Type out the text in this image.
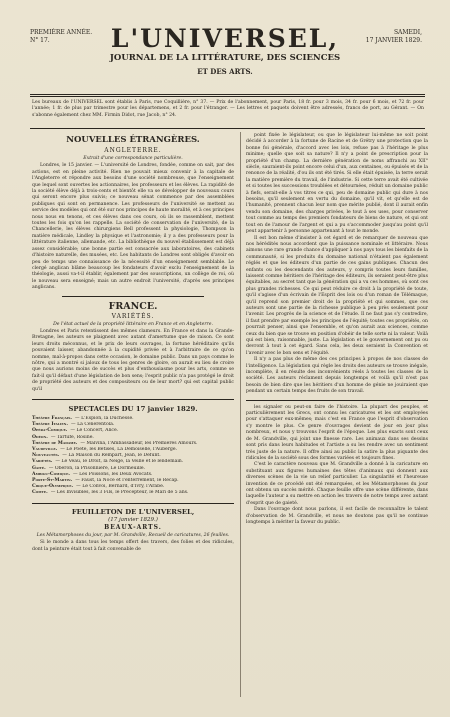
PREMIÈRE ANNÉE.
N° 17.	L'UNIVERSEL,	SAMEDI,
17 JANVIER 1829.
JOURNAL DE LA LITTÉRATURE, DES SCIENCES
ET DES ARTS.
Les bureaux de l'UNIVERSEL sont établis à Paris, rue Coquillière, n° 37. — Prix de l'abonnement, pour Paris, 18 fr. pour 3 mois, 34 fr. pour 6 mois, et 72 fr. pour l'année; 1 fr. de plus par trimestre pour les départemens, et 2 fr. pour l'étranger. — Les lettres et paquets doivent être adressés, francs de port, au Gérant. — On s'abonne également chez MM. Firmin Didot, rue Jacob, n° 24.
NOUVELLES ÉTRANGÈRES.
ANGLETERRE.
Extrait d'une correspondance particulière.

Londres, le 15 janvier. — L'université de Londres, fondée, comme on sait, par des actions, est en pleine activité. Rien ne pouvait mieux convenir à la capitale de l'Angleterre et répondre aux besoins d'une société nombreuse, que l'enseignement que lequel sont ouvertes les actionnaires, les professeurs et les élèves. La rapidité de la société élève déjà à trois-cents et bientôt elle va se développer de nouveaux cours qui seront encore plus suivis; ce nouveau sénat commence par des assemblées publiques qui sont en permanence. Les professeurs de l'université se mettent au service des modèles qui ont été sur nos principes de haute moralité, et à ces principes nous nous en tenons, et ces élèves dans ces cours, où ils se rassemblent, mettent toutes les fois qu'on les rappelle. La société de conservation de l'université, de la Chancellerie, les élèves chirurgiens Bell professent la physiologie, Thompson la matière médicale, Lindley la physique et l'astronomie; il y a des professeurs pour la littérature italienne, allemande, etc. La bibliothèque du nouvel établissement est déjà assez considérable; une bonne partie est consacrée aux laboratoires, des cabinets d'histoire naturelle, des musées, etc. Les habitants de Londres sont obligés d'avoir en peu de temps une connaissance de la nécessité d'un enseignement semblable. Le clergé anglican blâme beaucoup les fondateurs d'avoir exclu l'enseignement de la théologie, aussi va-t-il établir, également par des souscriptions, un collège de roi, où le nouveau sera enseigné; mais un autre endroit l'université, d'après ses principes anglicans.

FRANCE.
VARIÉTÉS.
De l'état actuel de la propriété littéraire en France et en Angleterre.

Londres et Paris retentissent des mêmes clameurs. En France et dans la Grande-Bretagne, les auteurs se plaignent avec autant d'amertume que de raison. Ce sont leurs droits méconnus, et le prix de leurs ouvrages, la fortune héréditaire qu'ils pouvaient laisser, abandonnée à la cupidité privée et à l'arbitraire de ce qu'on nomme, mal-à-propos dans cette occasion, le domaine public. Dans un pays comme le nôtre, qui a montré si jaloux de tous les genres de gloire, on aurait eu lieu de croire que nous aurions moins de succès et plus d'enthousiasme pour les arts, comme se fait-il qu'il défaut d'une législation de bon sens; l'esprit public n'a pas protégé le droit de propriété des auteurs et des compositeurs ou de leur mort? qui est capital public qu'il

SPECTACLES DU 17 janvier 1829.
Théâtre Français. — L'Espion, la Duchesse.
Théâtre Italien. — La Cenerentola.
Opéra-Comique. — Le Concert, Alice.
Odéon. — Tartufe, Rosine.
Théâtre de Madame. — Malvina, l'Ambassadeur, les Premières Amours.
Vaudeville. — Le Poète, les Bêtises, La Demoiselle, l'Auberge.
Nouveautés. — La Maison du Rempart, Jean, le Défunt.
Variétés. — Le Veau, le Droit, la Neige, la Veille et le lendemain.
Gaité. — Oberon, la Prisonnière, Le Dormeuille.
Ambigu-Comique. — Les Poissons, les Deux Avocats.
Porte-St-Martin. — Faust, la Noce et l'enterrement, le Récap.
Cirque-Olympique. — Le Convoi, Bernard, d'Ivry, l'Arabe.
Comte. — Les Invisibles, les 3 Fils, le Précepteur, le Mari de 5 ans.
FEUILLETON DE L'UNIVERSEL,
(17 janvier 1829.)
BEAUX-ARTS.
Les Métamorphoses du jour, par M. Grandville, Recueil de caricatures, 26 feuilles.

Si le monde a dans tous les temps offert des travers, des folies et des ridicules, dont la peinture était tout à fait convenable de

point fixée le législateur, ou que le législateur lui-même ne soit point décidé à accorder à la fortune de Racine et de Grétry une protection que la bonne foi générale, d'accord avec les lois, refuse pas à l'héritage le plus minime; quelle que soit sa nature? Il n'y a point de prescription pour la propriété d'un champ. La dernière génération de noms affranchi au XII° siècle, sauraient-ils point encore celui d'un, aux centaines, ou épuisés et de la renonce de la réalité, d'ou ils ont été tirés. Si elle était épuisée, la terre serait la matière première du travail, de l'industrie. Si cette terre avait été cultivée et si toutes les successions troublées et détournées, réduit un domaine public à fiefs, serait-elle à vos titres ce qui, peu de domaine public qui dure à nos besoins, qu'il seulement en vertu du domaine, qu'il vit, et qu'elle est de l'humanité, prennent chacun leur nom que mérite publié, dont il aurait enfin vendu son domaine, des charges privées, le tout à ses uses, pour conserver tout comme au temps des premiers fondateurs de biens de nature, et qui ont tout en de l'amour de l'argent et qui a pu s'accommoder jusqu'au point qu'il peut appartenir à personne appartenant à tout le monde.

Il est bon même d'insister à cet égard et de remarquer de nouveau que nos hérédités nous accordent que la puissance nominale et littéraire. Nous aimons une rare grande chance d'appliquer à nos pays tous les bienfaits de la communauté, si les produits du domaine national n'étaient pas également réglés et que les éditeurs d'un partie de ces gains publiques. Chacun des enfants ou les descendants des auteurs, y compris toutes leurs familles, laissent comme héritiers de l'héritage des éditeurs, ils seraient peut-être plus équitables, au secret tant que la génération qui a vu ces hommes, où sont ces plus grandes richesses. Ce qui peut réduire ce droit à la propriété de toute, qu'il s'agisse d'un écrivain de l'Esprit des lois ou d'un roman de Télémaque, qu'il reprend son premier droit de la propriété et qui sommes, que ces auteurs sont une partie de la richesse publique à peu près seulement pour l'avenir. Les progrès de la science et de l'étude. Il ne faut pas s'y contredire, il faut prendre par exemple les principes de l'équité; toutes ces propriétés, on pourrait penser, ainsi que l'ensemble, et qu'on aurait aux sciences, comme ceux du bien que se trouve en position d'obéir de telle sorte ni la valeur. Voilà qui est bien, raisonnable, juste. La législation et le gouvernement ont pu ou devront à tout à cet égard. Sans cela, les deux seraient la Convention et l'avenir avec le bon sens et l'équité.

Il n'y a pas plus de même des ces principes à propos de nos classes de l'intelligence. La législation qui règle les droits des auteurs se trouve inégale, incomplète, il en résulte des inconvénients réels à toutes les classes de la société. Les auteurs réclament depuis longtemps et voilà qu'il n'est pas besoin de bien dire que les héritiers d'un homme de génie ne jouiraient que pendant un certain temps des fruits de son travail.

les signaler ou peut-on faire de l'histoire. La plupart des peuples, et particulièrement les Grecs, ont connu les caricatures et les ont employées pour s'attaquer eux-mêmes; mais c'est en France que l'esprit d'observation s'y montre le plus. Ce genre d'ouvrages devient de jour en jour plus nombreux, et nous y trouvons l'esprit de l'époque. Les plus exacts sont ceux de M. Grandville, qui joint une finesse rare. Les animaux dans ses dessins sont pris dans leurs habitudes et l'artiste a su les rendre avec un sentiment très juste de la nature. Il offre ainsi au public la satire la plus piquante des ridicules de la société sous des formes variées et toujours fines.

C'est le caractère nouveau que M. Grandville a donné à la caricature en substituant aux figures humaines des têtes d'animaux qui donnent aux diverses scènes de la vie un relief particulier. La singularité et l'heureuse invention de ce procédé ont été remarquées, et les Métamorphoses du jour ont obtenu un succès mérité. Chaque feuille offre une scène différente, dans laquelle l'auteur a su mettre en action les travers de notre temps avec autant d'esprit que de gaieté.

Dans l'ouvrage dont nous parlons, il est facile de reconnaître le talent d'observation de M. Grandville, et nous ne doutons pas qu'il ne continue longtemps à mériter la faveur du public.
